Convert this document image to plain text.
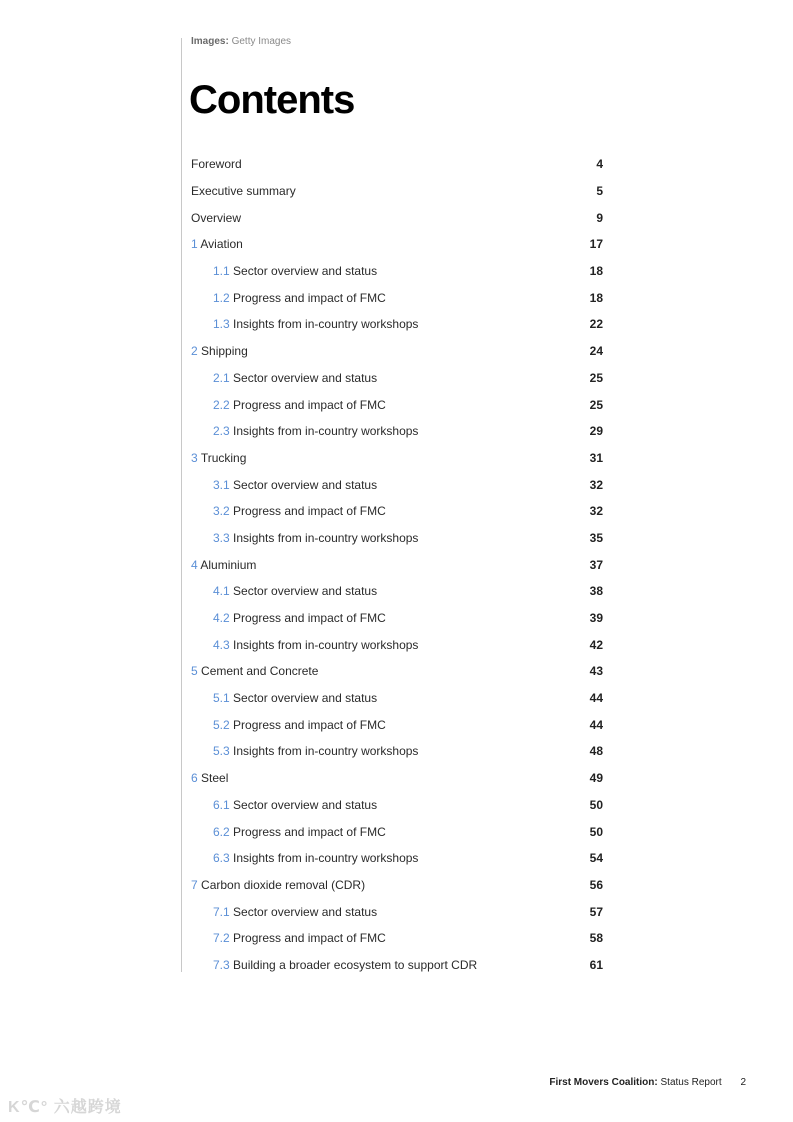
Images: Getty Images
Contents
Foreword	4
Executive summary	5
Overview	9
1 Aviation	17
1.1 Sector overview and status	18
1.2 Progress and impact of FMC	18
1.3 Insights from in-country workshops	22
2 Shipping	24
2.1 Sector overview and status	25
2.2 Progress and impact of FMC	25
2.3 Insights from in-country workshops	29
3 Trucking	31
3.1 Sector overview and status	32
3.2 Progress and impact of FMC	32
3.3 Insights from in-country workshops	35
4 Aluminium	37
4.1 Sector overview and status	38
4.2 Progress and impact of FMC	39
4.3 Insights from in-country workshops	42
5 Cement and Concrete	43
5.1 Sector overview and status	44
5.2 Progress and impact of FMC	44
5.3 Insights from in-country workshops	48
6 Steel	49
6.1 Sector overview and status	50
6.2 Progress and impact of FMC	50
6.3 Insights from in-country workshops	54
7 Carbon dioxide removal (CDR)	56
7.1 Sector overview and status	57
7.2 Progress and impact of FMC	58
7.3 Building a broader ecosystem to support CDR	61
First Movers Coalition: Status Report 2
K℃° 六越跨境
